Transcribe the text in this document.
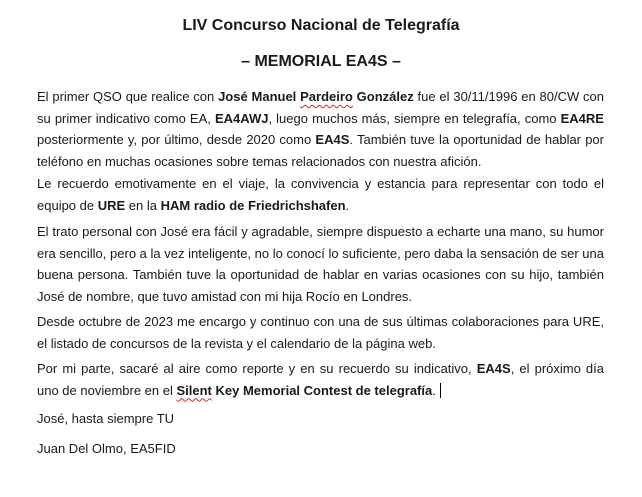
LIV Concurso Nacional de Telegrafía
– MEMORIAL EA4S –

El primer QSO que realice con José Manuel Pardeiro González fue el 30/11/1996 en 80/CW con su primer indicativo como EA, EA4AWJ, luego muchos más, siempre en telegrafía, como EA4RE posteriormente y, por último, desde 2020 como EA4S. También tuve la oportunidad de hablar por teléfono en muchas ocasiones sobre temas relacionados con nuestra afición.

Le recuerdo emotivamente en el viaje, la convivencia y estancia para representar con todo el equipo de URE en la HAM radio de Friedrichshafen.

El trato personal con José era fácil y agradable, siempre dispuesto a echarte una mano, su humor era sencillo, pero a la vez inteligente, no lo conocí lo suficiente, pero daba la sensación de ser una buena persona. También tuve la oportunidad de hablar en varias ocasiones con su hijo, también José de nombre, que tuvo amistad con mi hija Rocío en Londres.

Desde octubre de 2023 me encargo y continuo con una de sus últimas colaboraciones para URE, el listado de concursos de la revista y el calendario de la página web.

Por mi parte, sacaré al aire como reporte y en su recuerdo su indicativo, EA4S, el próximo día uno de noviembre en el Silent Key Memorial Contest de telegrafía.

José, hasta siempre TU

Juan Del Olmo, EA5FID
